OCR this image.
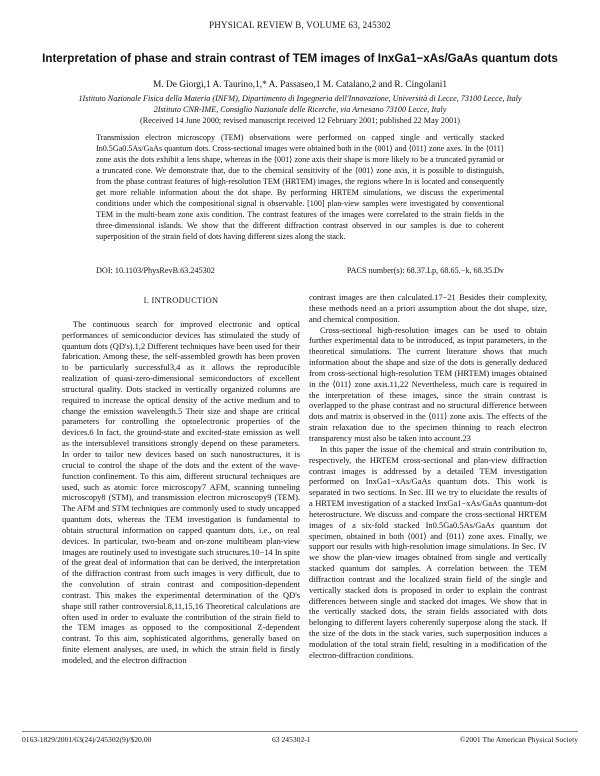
PHYSICAL REVIEW B, VOLUME 63, 245302
Interpretation of phase and strain contrast of TEM images of InxGa1−xAs/GaAs quantum dots
M. De Giorgi,1 A. Taurino,1,* A. Passaseo,1 M. Catalano,2 and R. Cingolani1
1Istituto Nazionale Fisica della Materia (INFM), Dipartimento di Ingegneria dell'Innovazione, Università di Lecce, 73100 Lecce, Italy
2Istituto CNR-IME, Consiglio Nazionale delle Ricerche, via Arnesano 73100 Lecce, Italy
(Received 14 June 2000; revised manuscript received 12 February 2001; published 22 May 2001)
Transmission electron microscopy (TEM) observations were performed on capped single and vertically stacked In0.5Ga0.5As/GaAs quantum dots. Cross-sectional images were obtained both in the ⟨001⟩ and ⟨011⟩ zone axes. In the ⟨011⟩ zone axis the dots exhibit a lens shape, whereas in the ⟨001⟩ zone axis their shape is more likely to be a truncated pyramid or a truncated cone. We demonstrate that, due to the chemical sensitivity of the ⟨001⟩ zone axis, it is possible to distinguish, from the phase contrast features of high-resolution TEM (HRTEM) images, the regions where In is located and consequently get more reliable information about the dot shape. By performing HRTEM simulations, we discuss the experimental conditions under which the compositional signal is observable. [100] plan-view samples were investigated by conventional TEM in the multi-beam zone axis condition. The contrast features of the images were correlated to the strain fields in the three-dimensional islands. We show that the different diffraction contrast observed in our samples is due to coherent superposition of the strain field of dots having different sizes along the stack.
DOI: 10.1103/PhysRevB.63.245302	PACS number(s): 68.37.Lp, 68.65.−k, 68.35.Dv
I. INTRODUCTION

The continuous search for improved electronic and optical performances of semiconductor devices has stimulated the study of quantum dots (QD's).1,2 Different techniques have been used for their fabrication. Among these, the self-assembled growth has been proven to be particularly successful3,4 as it allows the reproducible realization of quasi-zero-dimensional semiconductors of excellent structural quality. Dots stacked in vertically organized columns are required to increase the optical density of the active medium and to change the emission wavelength.5 Their size and shape are critical parameters for controlling the optoelectronic properties of the devices.6 In fact, the ground-state and excited-state emission as well as the intersublevel transitions strongly depend on these parameters. In order to tailor new devices based on such nanostructures, it is crucial to control the shape of the dots and the extent of the wave-function confinement. To this aim, different structural techniques are used, such as atomic force microscopy7 AFM, scanning tunneling microscopy8 (STM), and transmission electron microscopy9 (TEM). The AFM and STM techniques are commonly used to study uncapped quantum dots, whereas the TEM investigation is fundamental to obtain structural information on capped quantum dots, i.e., on real devices. In particular, two-beam and on-zone multibeam plan-view images are routinely used to investigate such structures.10−14 In spite of the great deal of information that can be derived, the interpretation of the diffraction contrast from such images is very difficult, due to the convolution of strain contrast and composition-dependent contrast. This makes the experimental determination of the QD's shape still rather controversial.8,11,15,16 Theoretical calculations are often used in order to evaluate the contribution of the strain field to the TEM images as opposed to the compositional Z-dependent contrast. To this aim, sophisticated algorithms, generally based on finite element analyses, are used, in which the strain field is firstly modeled, and the electron diffraction

contrast images are then calculated.17−21 Besides their complexity, these methods need an a priori assumption about the dot shape, size, and chemical composition.

Cross-sectional high-resolution images can be used to obtain further experimental data to be introduced, as input parameters, in the theoretical simulations. The current literature shows that much information about the shape and size of the dots is generally deduced from cross-sectional high-resolution TEM (HRTEM) images obtained in the ⟨011⟩ zone axis.11,22 Nevertheless, much care is required in the interpretation of these images, since the strain contrast is overlapped to the phase contrast and no structural difference between dots and matrix is observed in the ⟨011⟩ zone axis. The effects of the strain relaxation due to the specimen thinning to reach electron transparency must also be taken into account.23

In this paper the issue of the chemical and strain contribution to, respectively, the HRTEM cross-sectional and plan-view diffraction contrast images is addressed by a detailed TEM investigation performed on InxGa1−xAs/GaAs quantum dots. This work is separated in two sections. In Sec. III we try to elucidate the results of a HRTEM investigation of a stacked InxGa1−xAs/GaAs quantum-dot heterostructure. We discuss and compare the cross-sectional HRTEM images of a six-fold stacked In0.5Ga0.5As/GaAs quantum dot specimen, obtained in both ⟨001⟩ and ⟨011⟩ zone axes. Finally, we support our results with high-resolution image simulations. In Sec. IV we show the plan-view images obtained from single and vertically stacked quantum dot samples. A correlation between the TEM diffraction contrast and the localized strain field of the single and vertically stacked dots is proposed in order to explain the contrast differences between single and stacked dot images. We show that in the vertically stacked dots, the strain fields associated with dots belonging to different layers coherently superpose along the stack. If the size of the dots in the stack varies, such superposition induces a modulation of the total strain field, resulting in a modification of the electron-diffraction conditions.

0163-1829/2001/63(24)/245302(9)/$20.00	63 245302-1	©2001 The American Physical Society
